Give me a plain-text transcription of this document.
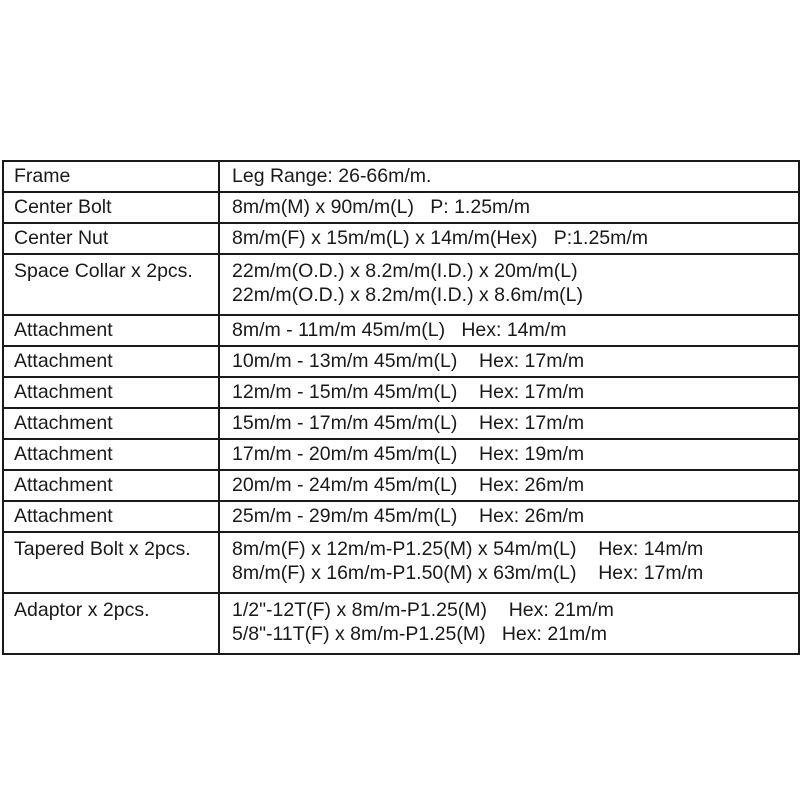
Frame	Leg Range: 26-66m/m.

Center Bolt	8m/m(M) x 90m/m(L)   P: 1.25m/m

Center Nut	8m/m(F) x 15m/m(L) x 14m/m(Hex)   P:1.25m/m

Space Collar x 2pcs.	22m/m(O.D.) x 8.2m/m(I.D.) x 20m/m(L)
22m/m(O.D.) x 8.2m/m(I.D.) x 8.6m/m(L)

Attachment	8m/m - 11m/m 45m/m(L)   Hex: 14m/m

Attachment	10m/m - 13m/m 45m/m(L)    Hex: 17m/m

Attachment	12m/m - 15m/m 45m/m(L)    Hex: 17m/m

Attachment	15m/m - 17m/m 45m/m(L)    Hex: 17m/m

Attachment	17m/m - 20m/m 45m/m(L)    Hex: 19m/m

Attachment	20m/m - 24m/m 45m/m(L)    Hex: 26m/m

Attachment	25m/m - 29m/m 45m/m(L)    Hex: 26m/m

Tapered Bolt x 2pcs.	8m/m(F) x 12m/m-P1.25(M) x 54m/m(L)    Hex: 14m/m
8m/m(F) x 16m/m-P1.50(M) x 63m/m(L)    Hex: 17m/m

Adaptor x 2pcs.	1/2"-12T(F) x 8m/m-P1.25(M)    Hex: 21m/m
5/8"-11T(F) x 8m/m-P1.25(M)   Hex: 21m/m
